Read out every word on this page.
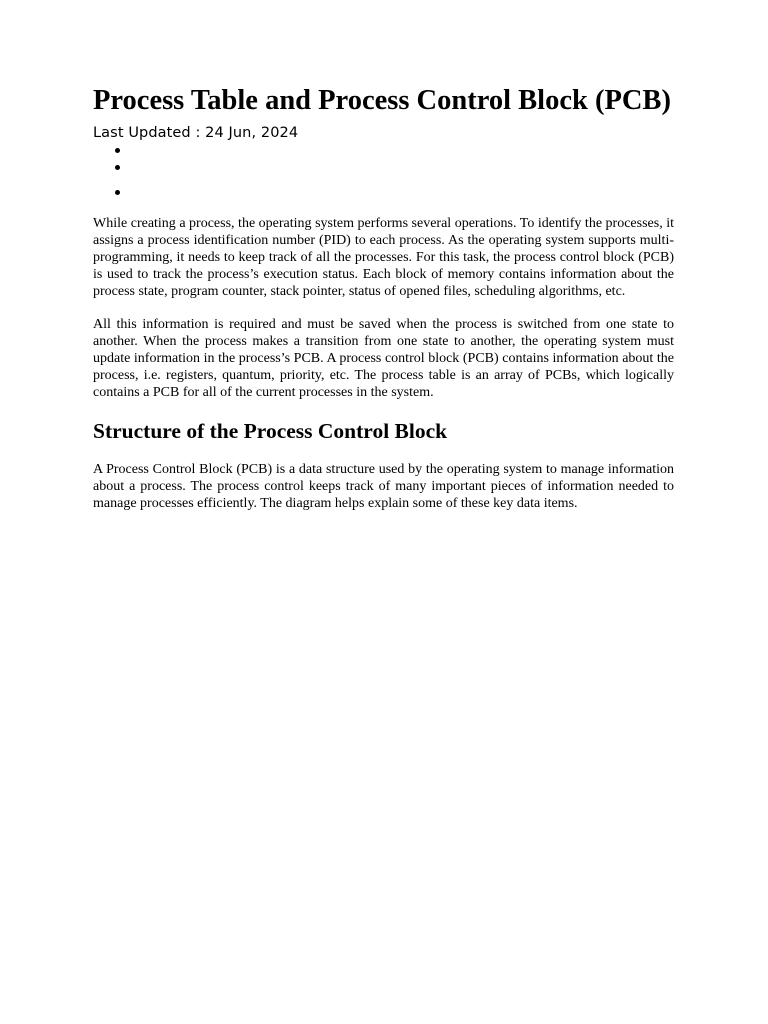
Process Table and Process Control Block (PCB)
Last Updated : 24 Jun, 2024

While creating a process, the operating system performs several operations. To identify the processes, it assigns a process identification number (PID) to each process. As the operating system supports multi-programming, it needs to keep track of all the processes. For this task, the process control block (PCB) is used to track the process’s execution status. Each block of memory contains information about the process state, program counter, stack pointer, status of opened files, scheduling algorithms, etc.

All this information is required and must be saved when the process is switched from one state to another. When the process makes a transition from one state to another, the operating system must update information in the process’s PCB. A process control block (PCB) contains information about the process, i.e. registers, quantum, priority, etc. The process table is an array of PCBs, which logically contains a PCB for all of the current processes in the system.

Structure of the Process Control Block

A Process Control Block (PCB) is a data structure used by the operating system to manage information about a process. The process control keeps track of many important pieces of information needed to manage processes efficiently. The diagram helps explain some of these key data items.
